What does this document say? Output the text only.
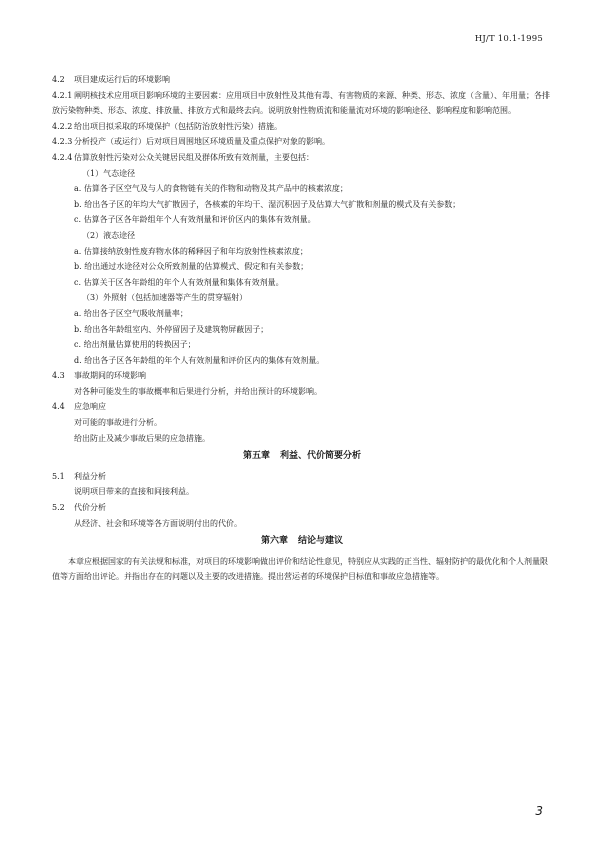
HJ/T 10.1-1995
4.2 项目建成运行后的环境影响
4.2.1 阐明核技术应用项目影响环境的主要因素：应用项目中放射性及其他有毒、有害物质的来源、种类、形态、浓度（含量）、年用量；各排放污染物种类、形态、浓度、排放量、排放方式和最终去向。说明放射性物质流和能量流对环境的影响途径、影响程度和影响范围。
4.2.2 给出项目拟采取的环境保护（包括防治放射性污染）措施。
4.2.3 分析投产（或运行）后对项目周围地区环境质量及重点保护对象的影响。
4.2.4 估算放射性污染对公众关键居民组及群体所致有效剂量，主要包括：
（1）气态途径
a. 估算各子区空气及与人的食物链有关的作物和动物及其产品中的核素浓度；
b. 给出各子区的年均大气扩散因子，各核素的年均干、湿沉积因子及估算大气扩散和剂量的模式及有关参数；
c. 估算各子区各年龄组年个人有效剂量和评价区内的集体有效剂量。
（2）液态途径
a. 估算接纳放射性废弃物水体的稀释因子和年均放射性核素浓度；
b. 给出通过水途径对公众所致剂量的估算模式、假定和有关参数；
c. 估算关于区各年龄组的年个人有效剂量和集体有效剂量。
（3）外照射（包括加速器等产生的贯穿辐射）
a. 给出各子区空气吸收剂量率；
b. 给出各年龄组室内、外停留因子及建筑物屏蔽因子；
c. 给出剂量估算使用的转换因子；
d. 给出各子区各年龄组的年个人有效剂量和评价区内的集体有效剂量。
4.3 事故期间的环境影响
对各种可能发生的事故概率和后果进行分析，并给出预计的环境影响。
4.4 应急响应
对可能的事故进行分析。
给出防止及减少事故后果的应急措施。
第五章 利益、代价简要分析
5.1 利益分析
说明项目带来的直接和间接利益。
5.2 代价分析
从经济、社会和环境等各方面说明付出的代价。
第六章 结论与建议
本章应根据国家的有关法规和标准，对项目的环境影响做出评价和结论性意见，特别应从实践的正当性、辐射防护的最优化和个人剂量限值等方面给出评论。并指出存在的问题以及主要的改进措施。提出营运者的环境保护目标值和事故应急措施等。
3
